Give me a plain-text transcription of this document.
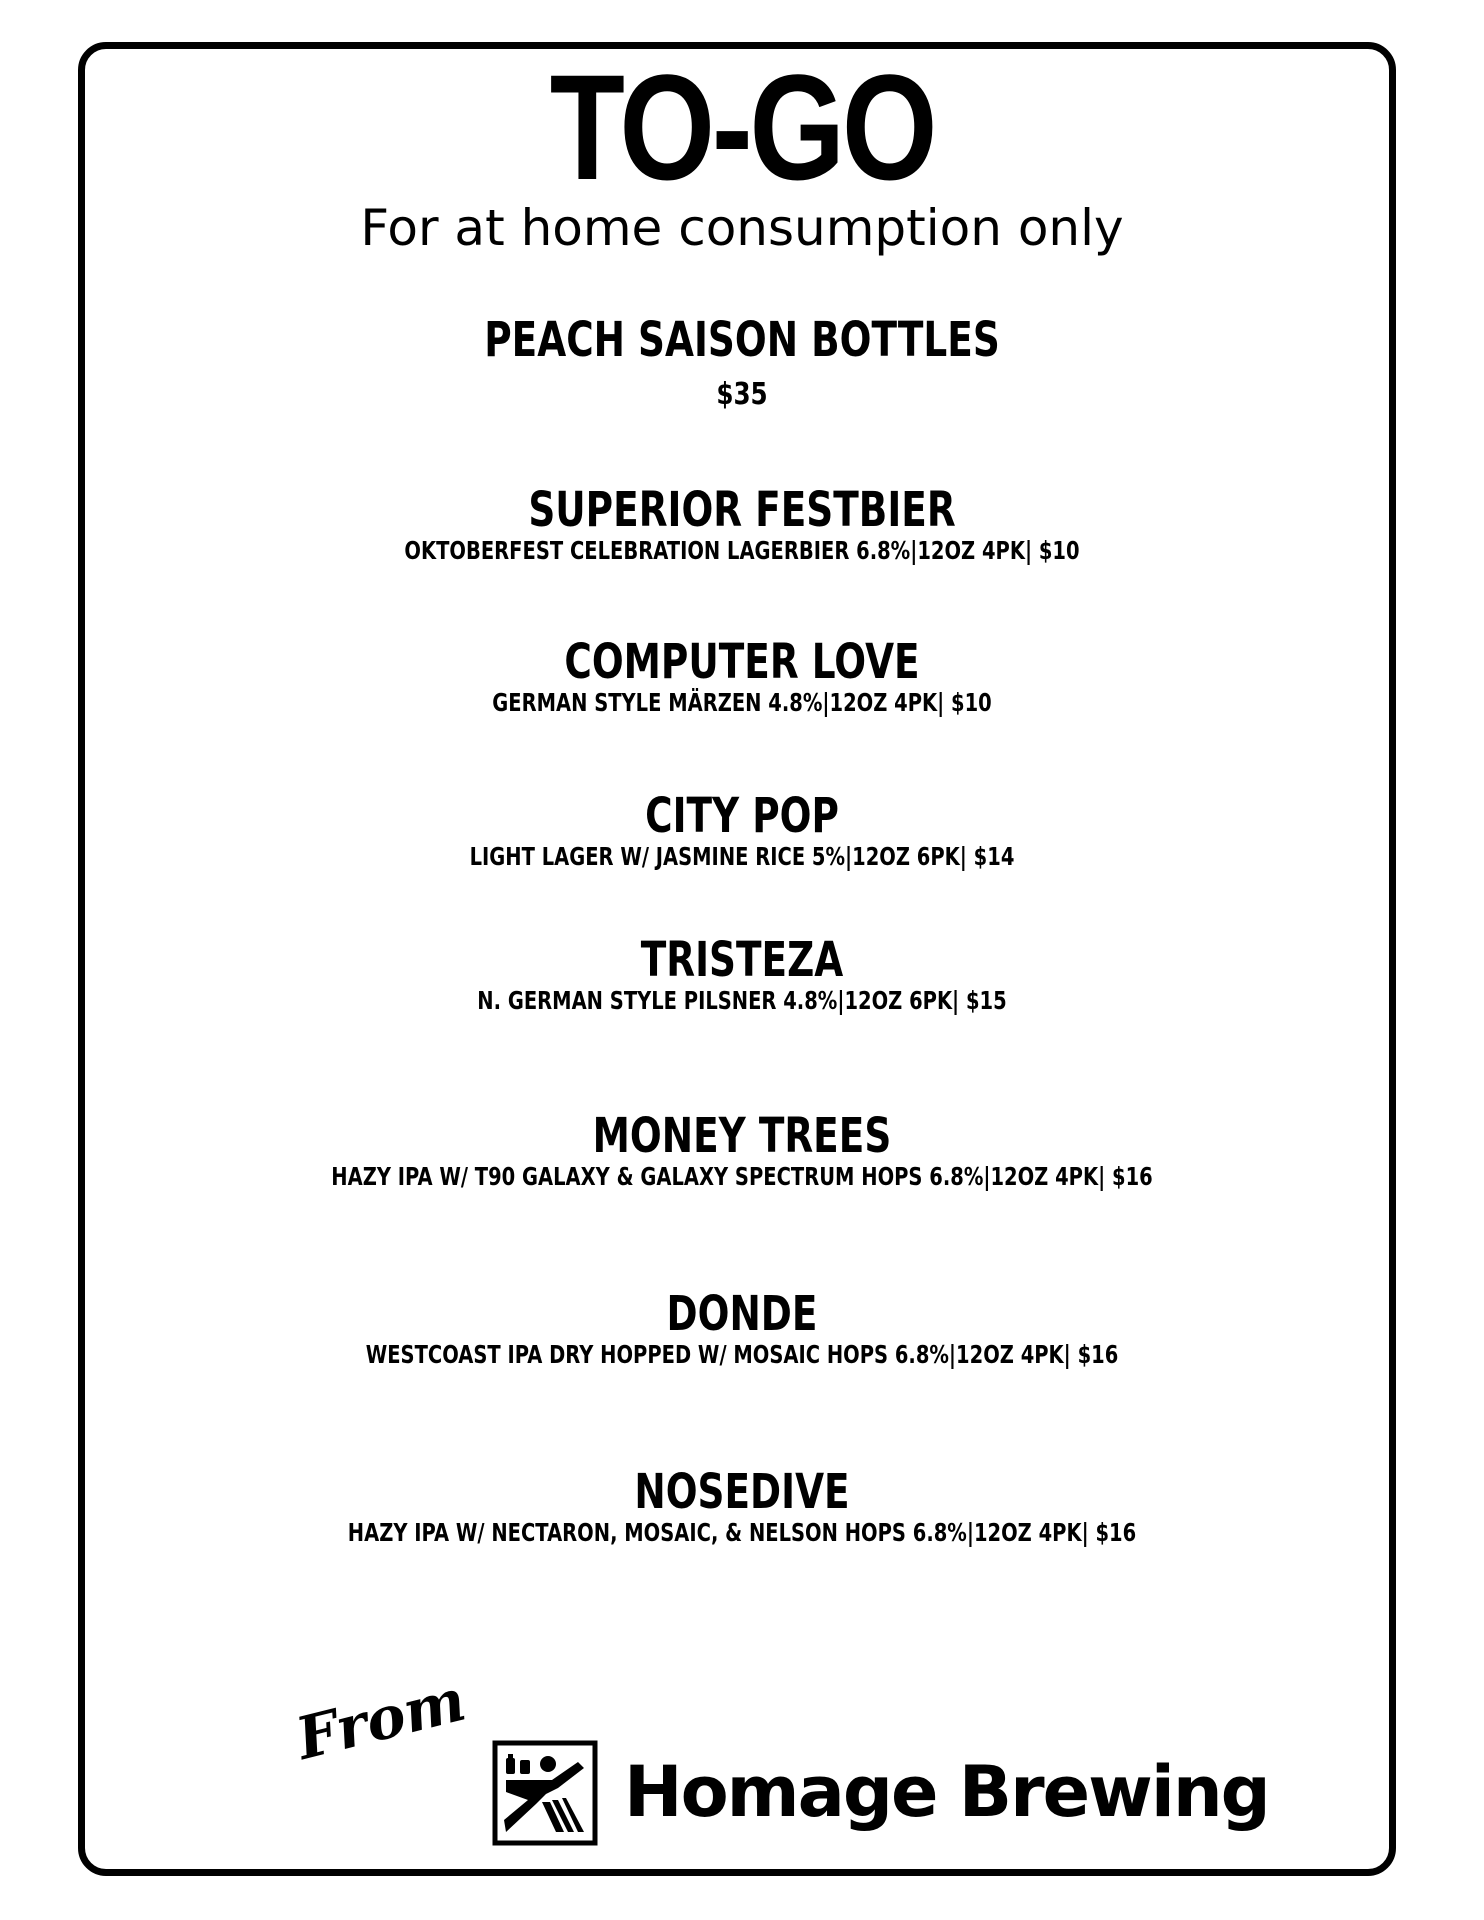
TO-GO
For at home consumption only
PEACH SAISON BOTTLES
$35
SUPERIOR FESTBIER
OKTOBERFEST CELEBRATION LAGERBIER 6.8%|12OZ 4PK| $10
COMPUTER LOVE
GERMAN STYLE MÄRZEN 4.8%|12OZ 4PK| $10
CITY POP
LIGHT LAGER W/ JASMINE RICE 5%|12OZ 6PK| $14
TRISTEZA
N. GERMAN STYLE PILSNER 4.8%|12OZ 6PK| $15
MONEY TREES
HAZY IPA W/ T90 GALAXY & GALAXY SPECTRUM HOPS 6.8%|12OZ 4PK| $16
DONDE
WESTCOAST IPA DRY HOPPED W/ MOSAIC HOPS 6.8%|12OZ 4PK| $16
NOSEDIVE
HAZY IPA W/ NECTARON, MOSAIC, & NELSON HOPS 6.8%|12OZ 4PK| $16
From
Homage Brewing
